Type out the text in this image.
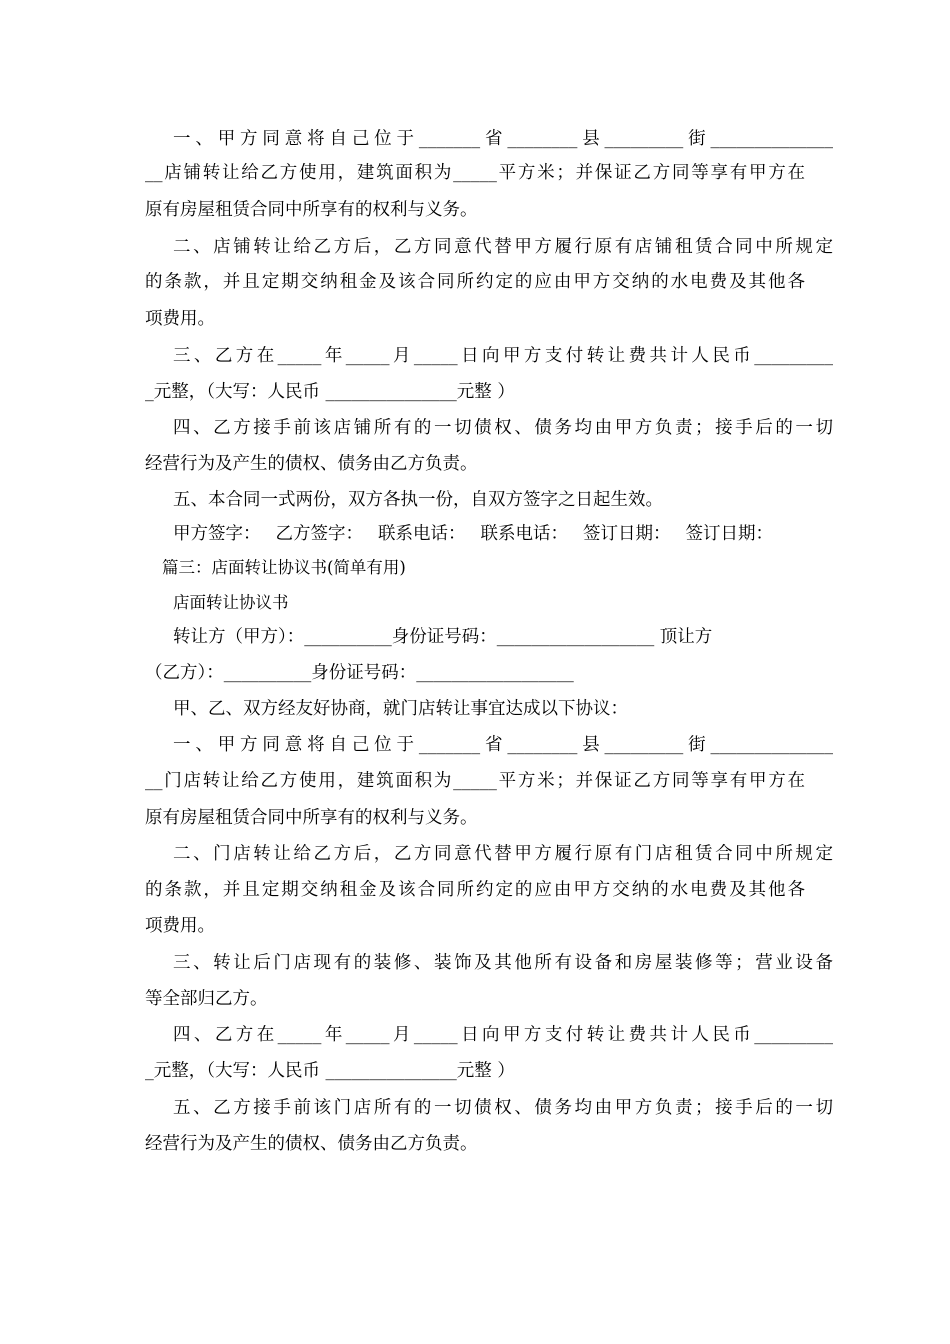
一、甲方同意将自己位于_______省________县_________街______________
__店铺转让给乙方使用，建筑面积为_____平方米；并保证乙方同等享有甲方在
原有房屋租赁合同中所享有的权利与义务。
二、店铺转让给乙方后，乙方同意代替甲方履行原有店铺租赁合同中所规定
的条款，并且定期交纳租金及该合同所约定的应由甲方交纳的水电费及其他各
项费用。
三、乙方在_____年_____月_____日向甲方支付转让费共计人民币_________
_元整，（大写：人民币 _______________元整 ）
四、乙方接手前该店铺所有的一切债权、债务均由甲方负责；接手后的一切
经营行为及产生的债权、债务由乙方负责。
五、本合同一式两份，双方各执一份，自双方签字之日起生效。
甲方签字： 乙方签字： 联系电话： 联系电话： 签订日期： 签订日期：
篇三：店面转让协议书(简单有用)
店面转让协议书
转让方（甲方）：__________身份证号码：__________________ 顶让方
（乙方）：__________身份证号码：__________________
甲、乙、双方经友好协商，就门店转让事宜达成以下协议：
一、甲方同意将自己位于_______省________县_________街______________
__门店转让给乙方使用，建筑面积为_____平方米；并保证乙方同等享有甲方在
原有房屋租赁合同中所享有的权利与义务。
二、门店转让给乙方后，乙方同意代替甲方履行原有门店租赁合同中所规定
的条款，并且定期交纳租金及该合同所约定的应由甲方交纳的水电费及其他各
项费用。
三、转让后门店现有的装修、装饰及其他所有设备和房屋装修等；营业设备
等全部归乙方。
四、乙方在_____年_____月_____日向甲方支付转让费共计人民币_________
_元整，（大写：人民币 _______________元整 ）
五、乙方接手前该门店所有的一切债权、债务均由甲方负责；接手后的一切
经营行为及产生的债权、债务由乙方负责。
